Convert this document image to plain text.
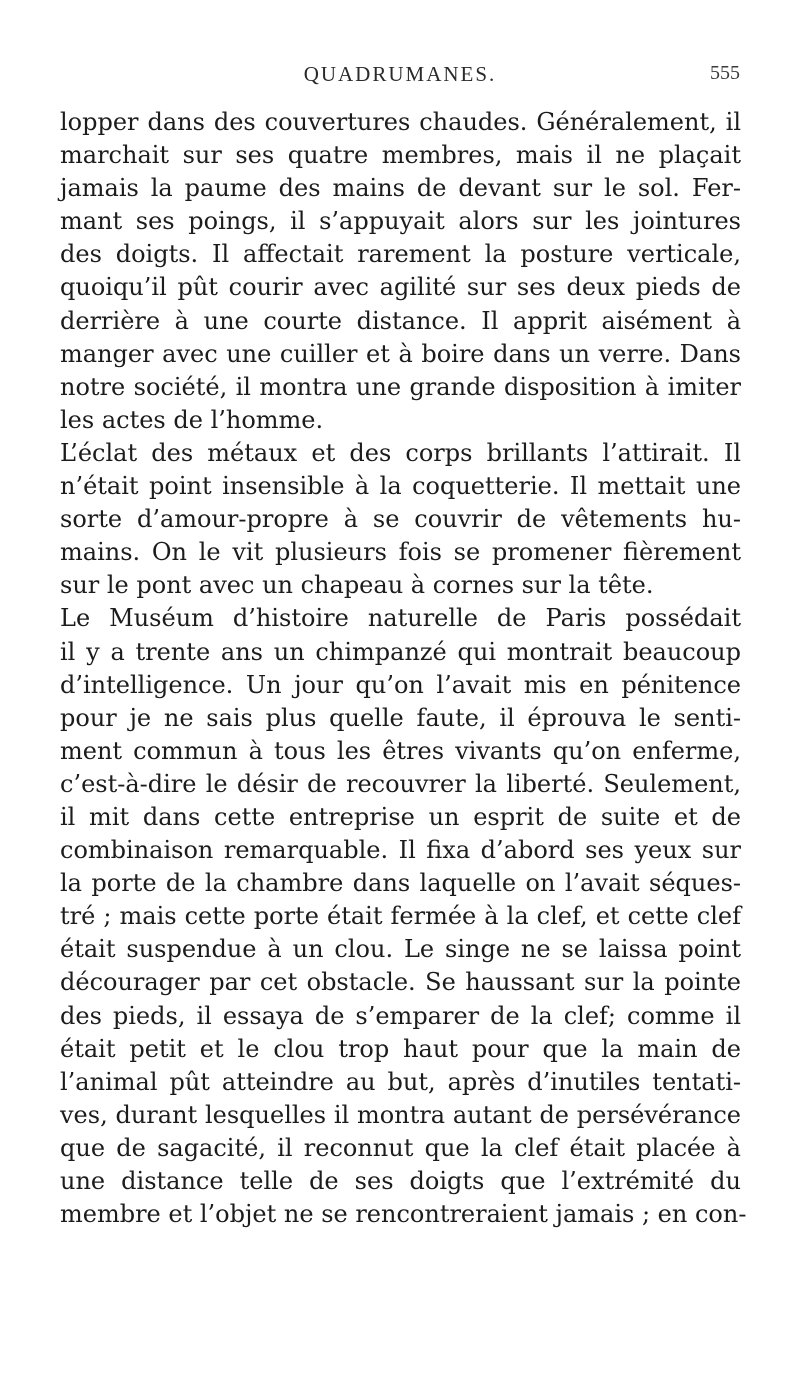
QUADRUMANES.	555
lopper dans des couvertures chaudes. Généralement, il
marchait sur ses quatre membres, mais il ne plaçait
jamais la paume des mains de devant sur le sol. Fer-
mant ses poings, il s’appuyait alors sur les jointures
des doigts. Il affectait rarement la posture verticale,
quoiqu’il pût courir avec agilité sur ses deux pieds de
derrière à une courte distance. Il apprit aisément à
manger avec une cuiller et à boire dans un verre. Dans
notre société, il montra une grande disposition à imiter
les actes de l’homme.
L’éclat des métaux et des corps brillants l’attirait. Il
n’était point insensible à la coquetterie. Il mettait une
sorte d’amour-propre à se couvrir de vêtements hu-
mains. On le vit plusieurs fois se promener fièrement
sur le pont avec un chapeau à cornes sur la tête.
Le Muséum d’histoire naturelle de Paris possédait
il y a trente ans un chimpanzé qui montrait beaucoup
d’intelligence. Un jour qu’on l’avait mis en pénitence
pour je ne sais plus quelle faute, il éprouva le senti-
ment commun à tous les êtres vivants qu’on enferme,
c’est-à-dire le désir de recouvrer la liberté. Seulement,
il mit dans cette entreprise un esprit de suite et de
combinaison remarquable. Il fixa d’abord ses yeux sur
la porte de la chambre dans laquelle on l’avait séques-
tré ; mais cette porte était fermée à la clef, et cette clef
était suspendue à un clou. Le singe ne se laissa point
décourager par cet obstacle. Se haussant sur la pointe
des pieds, il essaya de s’emparer de la clef; comme il
était petit et le clou trop haut pour que la main de
l’animal pût atteindre au but, après d’inutiles tentati-
ves, durant lesquelles il montra autant de persévérance
que de sagacité, il reconnut que la clef était placée à
une distance telle de ses doigts que l’extrémité du
membre et l’objet ne se rencontreraient jamais ; en con-
